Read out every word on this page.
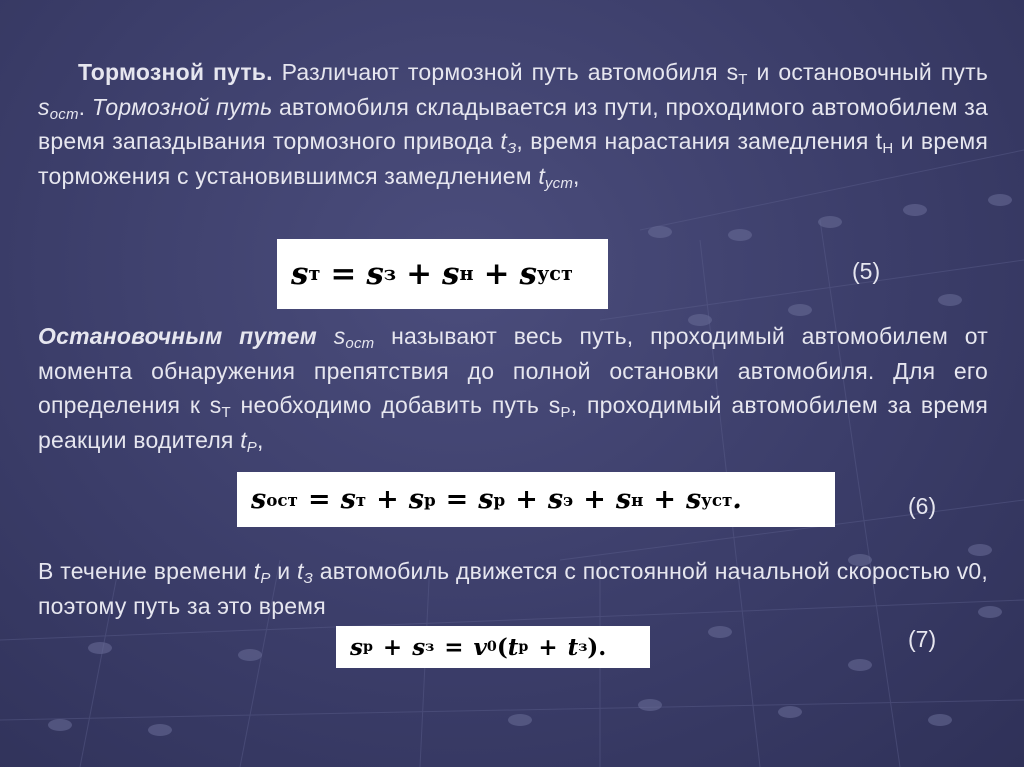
Тормозной путь. Различают тормозной путь автомобиля $s_T$ и остановочный путь $s_{ост}$. Тормозной путь автомобиля складывается из пути, проходимого автомобилем за время запаздывания тормозного привода $t_З$, время нарастания замедления $t_Н$ и время торможения с установившимся замедлением $t_{уст}$,

s т = s з + s н + s уст	(5)

Остановочным путем $s_{ост}$ называют весь путь, проходимый автомобилем от момента обнаружения препятствия до полной остановки автомобиля. Для его определения к $s_T$ необходимо добавить путь $s_P$, проходимый автомобилем за время реакции водителя $t_Р$,

s ост = s т + s р = s р + s э + s н + s уст .	(6)

В течение времени $t_Р$ и $t_З$ автомобиль движется с постоянной начальной скоростью v0, поэтому путь за это время

s р + s з = v 0 ( t р + t з ).	(7)
